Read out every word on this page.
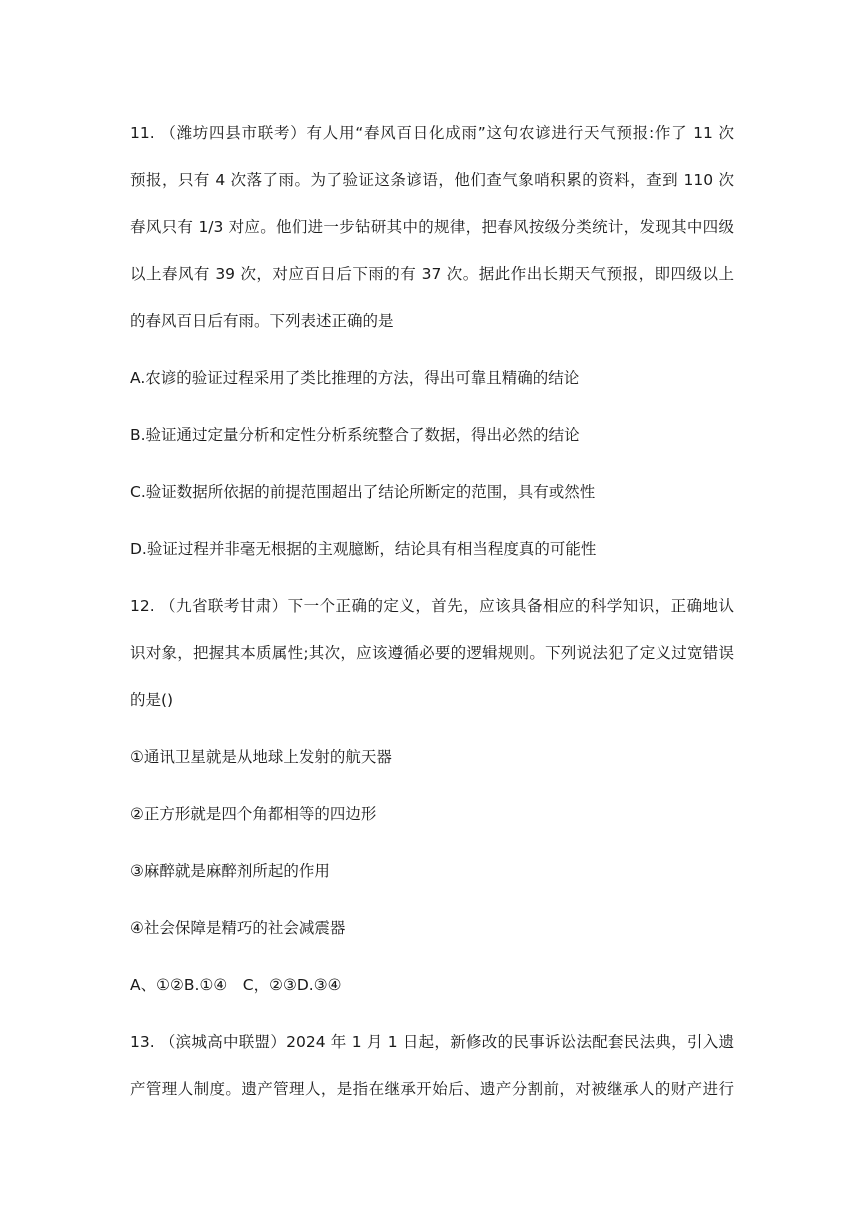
11. （潍坊四县市联考）有人用“春风百日化成雨”这句农谚进行天气预报:作了 11 次
预报，只有 4 次落了雨。为了验证这条谚语，他们查气象哨积累的资料，查到 110 次
春风只有 1/3 对应。他们进一步钻研其中的规律，把春风按级分类统计，发现其中四级
以上春风有 39 次，对应百日后下雨的有 37 次。据此作出长期天气预报，即四级以上
的春风百日后有雨。下列表述正确的是
A.农谚的验证过程采用了类比推理的方法，得出可靠且精确的结论
B.验证通过定量分析和定性分析系统整合了数据，得出必然的结论
C.验证数据所依据的前提范围超出了结论所断定的范围，具有或然性
D.验证过程并非毫无根据的主观臆断，结论具有相当程度真的可能性
12. （九省联考甘肃）下一个正确的定义，首先，应该具备相应的科学知识，正确地认
识对象，把握其本质属性;其次，应该遵循必要的逻辑规则。下列说法犯了定义过宽错误
的是()
①通讯卫星就是从地球上发射的航天器
②正方形就是四个角都相等的四边形
③麻醉就是麻醉剂所起的作用
④社会保障是精巧的社会减震器
A、①②B.①④　C，②③D.③④
13. （滨城高中联盟）2024 年 1 月 1 日起，新修改的民事诉讼法配套民法典，引入遗
产管理人制度。遗产管理人，是指在继承开始后、遗产分割前，对被继承人的财产进行
